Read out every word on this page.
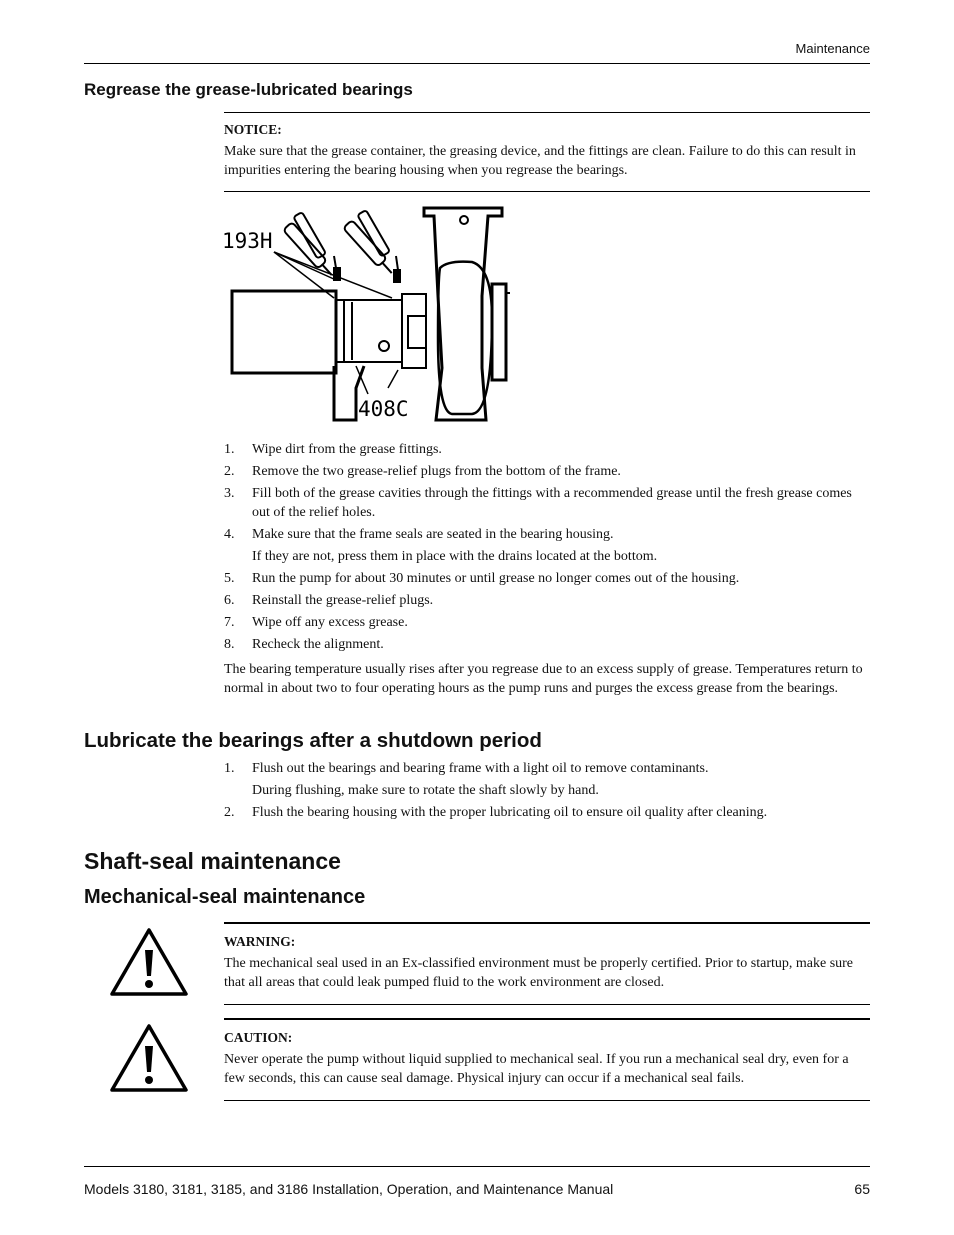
Maintenance
Regrease the grease-lubricated bearings

NOTICE:

Make sure that the grease container, the greasing device, and the fittings are clean. Failure to do this can result in impurities entering the bearing housing when you regrease the bearings.

193H
408C
1. Wipe dirt from the grease fittings.
2. Remove the two grease-relief plugs from the bottom of the frame.
3. Fill both of the grease cavities through the fittings with a recommended grease until the fresh grease comes out of the relief holes.
4. Make sure that the frame seals are seated in the bearing housing.
If they are not, press them in place with the drains located at the bottom.
5. Run the pump for about 30 minutes or until grease no longer comes out of the housing.
6. Reinstall the grease-relief plugs.
7. Wipe off any excess grease.
8. Recheck the alignment.

The bearing temperature usually rises after you regrease due to an excess supply of grease. Temperatures return to normal in about two to four operating hours as the pump runs and purges the excess grease from the bearings.

Lubricate the bearings after a shutdown period
1. Flush out the bearings and bearing frame with a light oil to remove contaminants.
During flushing, make sure to rotate the shaft slowly by hand.
2. Flush the bearing housing with the proper lubricating oil to ensure oil quality after cleaning.
Shaft-seal maintenance
Mechanical-seal maintenance

WARNING:

The mechanical seal used in an Ex-classified environment must be properly certified. Prior to startup, make sure that all areas that could leak pumped fluid to the work environment are closed.

CAUTION:

Never operate the pump without liquid supplied to mechanical seal. If you run a mechanical seal dry, even for a few seconds, this can cause seal damage. Physical injury can occur if a mechanical seal fails.

Models 3180, 3181, 3185, and 3186 Installation, Operation, and Maintenance Manual	65
